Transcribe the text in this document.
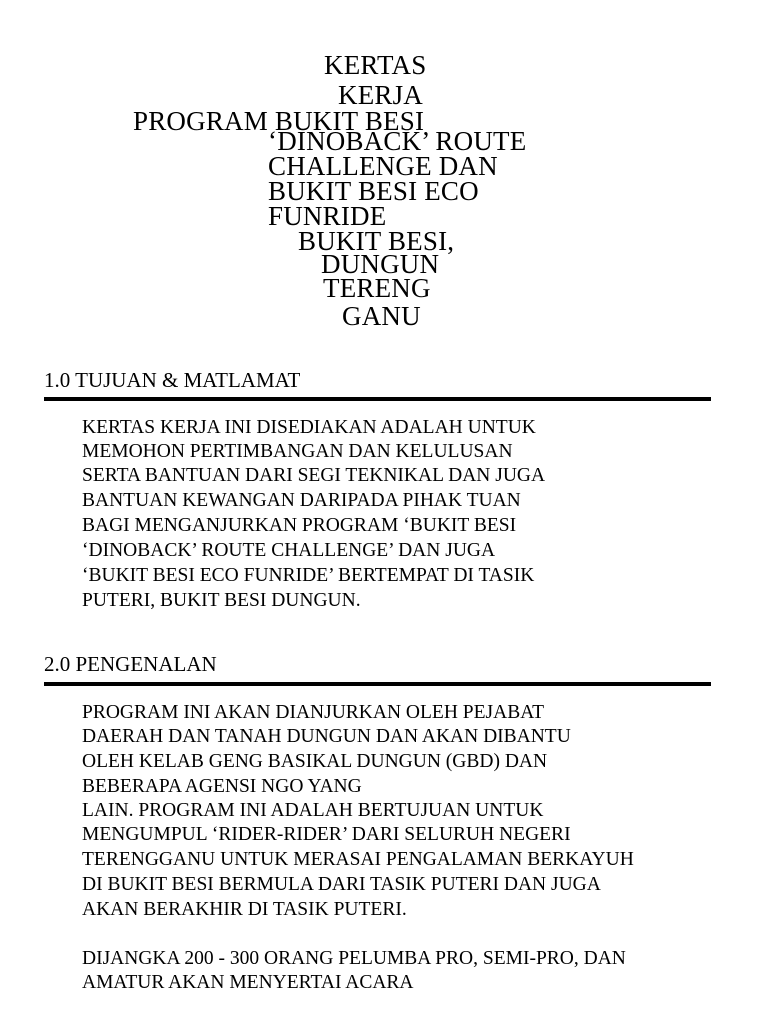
KERTAS
KERJA
PROGRAM BUKIT BESI
‘DINOBACK’ ROUTE
CHALLENGE DAN
BUKIT BESI ECO
FUNRIDE
BUKIT BESI,
DUNGUN
TERENG
GANU
1.0 TUJUAN & MATLAMAT
KERTAS KERJA INI DISEDIAKAN ADALAH UNTUK
MEMOHON PERTIMBANGAN DAN KELULUSAN
SERTA BANTUAN DARI SEGI TEKNIKAL DAN JUGA
BANTUAN KEWANGAN DARIPADA PIHAK TUAN
BAGI MENGANJURKAN PROGRAM ‘BUKIT BESI
‘DINOBACK’ ROUTE CHALLENGE’ DAN JUGA
‘BUKIT BESI ECO FUNRIDE’ BERTEMPAT DI TASIK
PUTERI, BUKIT BESI DUNGUN.
2.0 PENGENALAN
PROGRAM INI AKAN DIANJURKAN OLEH PEJABAT
DAERAH DAN TANAH DUNGUN DAN AKAN DIBANTU
OLEH KELAB GENG BASIKAL DUNGUN (GBD) DAN
BEBERAPA AGENSI NGO YANG
LAIN. PROGRAM INI ADALAH BERTUJUAN UNTUK
MENGUMPUL ‘RIDER-RIDER’ DARI SELURUH NEGERI
TERENGGANU UNTUK MERASAI PENGALAMAN BERKAYUH
DI BUKIT BESI BERMULA DARI TASIK PUTERI DAN JUGA
AKAN BERAKHIR DI TASIK PUTERI.
DIJANGKA 200 - 300 ORANG PELUMBA PRO, SEMI-PRO, DAN
AMATUR AKAN MENYERTAI ACARA
